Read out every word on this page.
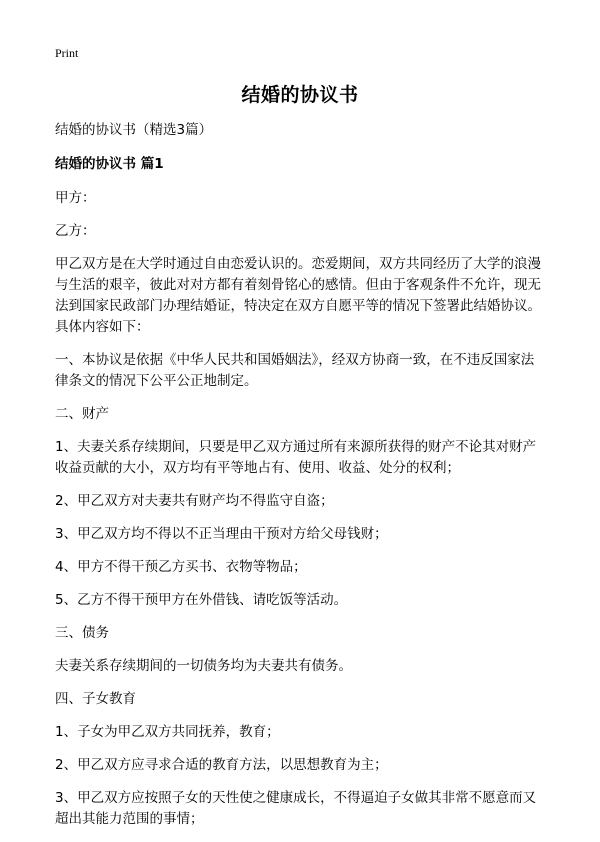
Print
结婚的协议书

结婚的协议书（精选3篇）

结婚的协议书 篇1

甲方：

乙方：

甲乙双方是在大学时通过自由恋爱认识的。恋爱期间，双方共同经历了大学的浪漫与生活的艰辛，彼此对对方都有着刻骨铭心的感情。但由于客观条件不允许，现无法到国家民政部门办理结婚证，特决定在双方自愿平等的情况下签署此结婚协议。具体内容如下：

一、本协议是依据《中华人民共和国婚姻法》，经双方协商一致，在不违反国家法律条文的情况下公平公正地制定。

二、财产

1、夫妻关系存续期间，只要是甲乙双方通过所有来源所获得的财产不论其对财产收益贡献的大小，双方均有平等地占有、使用、收益、处分的权利；

2、甲乙双方对夫妻共有财产均不得监守自盗；

3、甲乙双方均不得以不正当理由干预对方给父母钱财；

4、甲方不得干预乙方买书、衣物等物品；

5、乙方不得干预甲方在外借钱、请吃饭等活动。

三、债务

夫妻关系存续期间的一切债务均为夫妻共有债务。

四、子女教育

1、子女为甲乙双方共同抚养，教育；

2、甲乙双方应寻求合适的教育方法，以思想教育为主；

3、甲乙双方应按照子女的天性使之健康成长，不得逼迫子女做其非常不愿意而又超出其能力范围的事情；
